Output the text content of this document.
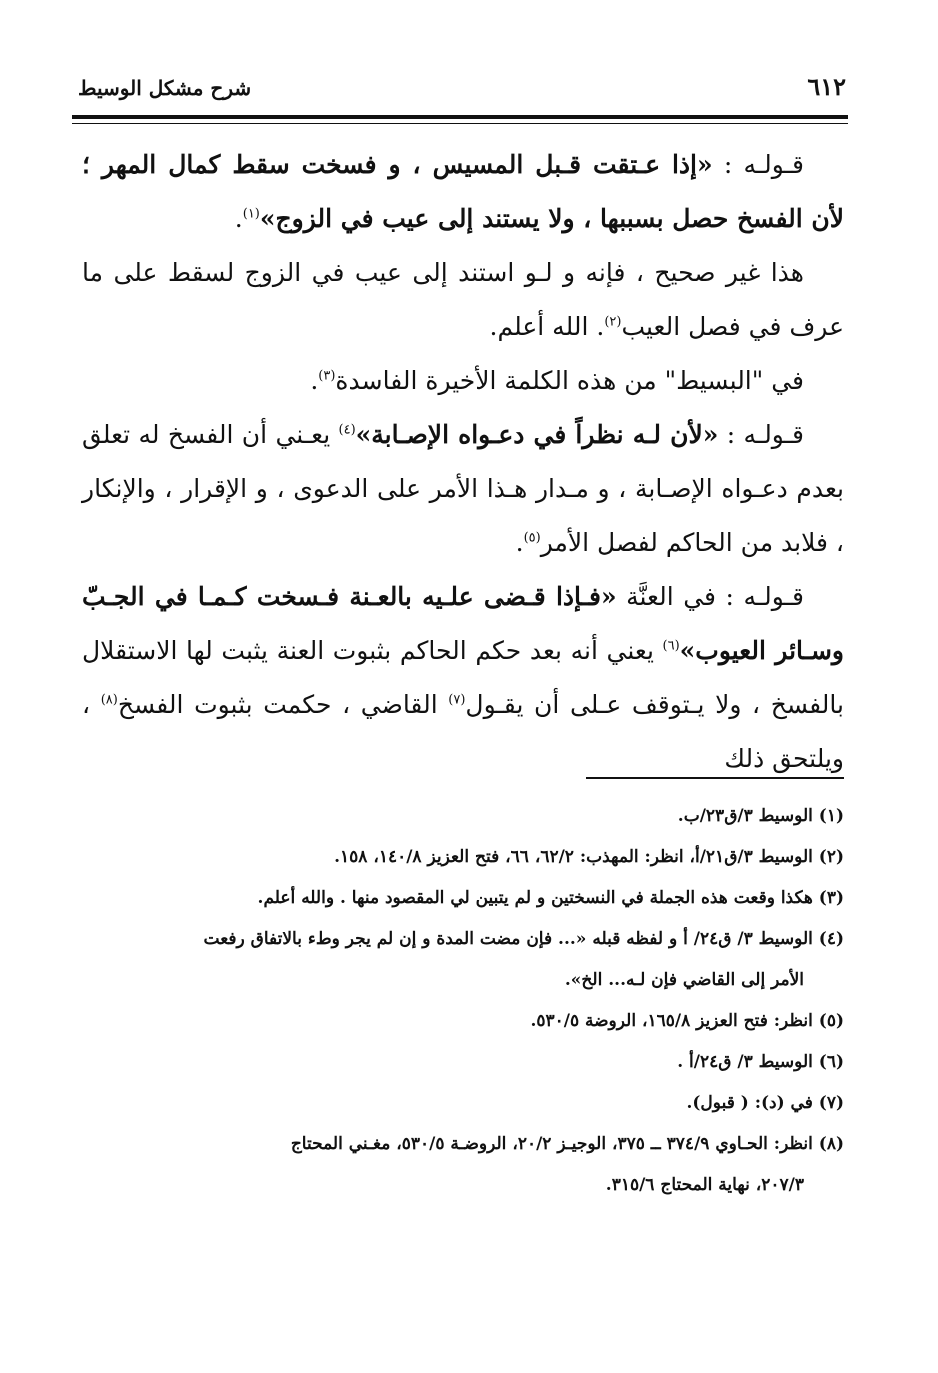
٦١٢
شرح مشكل الوسيط

قـولـه : «إذا عـتقت قـبل المسيس ، و فسخت سقط كمال المهر ؛ لأن الفسخ حصل بسببها ، ولا يستند إلى عيب في الزوج»$^{(١)}$.

هذا غير صحيح ، فإنه و لـو استند إلى عيب في الزوج لسقط على ما عرف في فصل العيب$^{(٢)}$. الله أعلم.

في "البسيط" من هذه الكلمة الأخيرة الفاسدة$^{(٣)}$.

قـولـه : «لأن لـه نظراً في دعـواه الإصـابة»$^{(٤)}$ يعـني أن الفسخ له تعلق بعدم دعـواه الإصـابة ، و مـدار هـذا الأمر على الدعوى ، و الإقرار ، والإنكار ، فلابد من الحاكم لفصل الأمر$^{(٥)}$.

قـولـه : في العنَّة «فـإذا قـضى علـيه بالعـنة فـسخت كـمـا في الجـبّ وسـائر العيوب»$^{(٦)}$ يعني أنه بعد حكم الحاكم بثبوت العنة يثبت لها الاستقلال بالفسخ ، ولا يـتوقف عـلى أن يقـول$^{(٧)}$ القاضي ، حكمت بثبوت الفسخ$^{(٨)}$ ، ويلتحق ذلك

(١) الوسيط ٣/ق٢٣/ب.

(٢) الوسيط ٣/ق٢١/أ، انظر: المهذب: ٦٢/٢، ٦٦، فتح العزيز ١٤٠/٨، ١٥٨.

(٣) هكذا وقعت هذه الجملة في النسختين و لم يتبين لي المقصود منها . والله أعلم.

(٤) الوسيط ٣/ ق٢٤/ أ و لفظه قبله «... فإن مضت المدة و إن لم يجر وطء بالاتفاق رفعت
الأمر إلى القاضي فإن لـه... الخ».

(٥) انظر: فتح العزيز ١٦٥/٨، الروضة ٥٣٠/٥.

(٦) الوسيط ٣/ ق٢٤/أ .

(٧) في (د): ( قبول).

(٨) انظر: الحـاوي ٣٧٤/٩ ــ ٣٧٥، الوجيـز ٢٠/٢، الروضـة ٥٣٠/٥، مغـني المحتاج
٢٠٧/٣، نهاية المحتاج ٣١٥/٦.
